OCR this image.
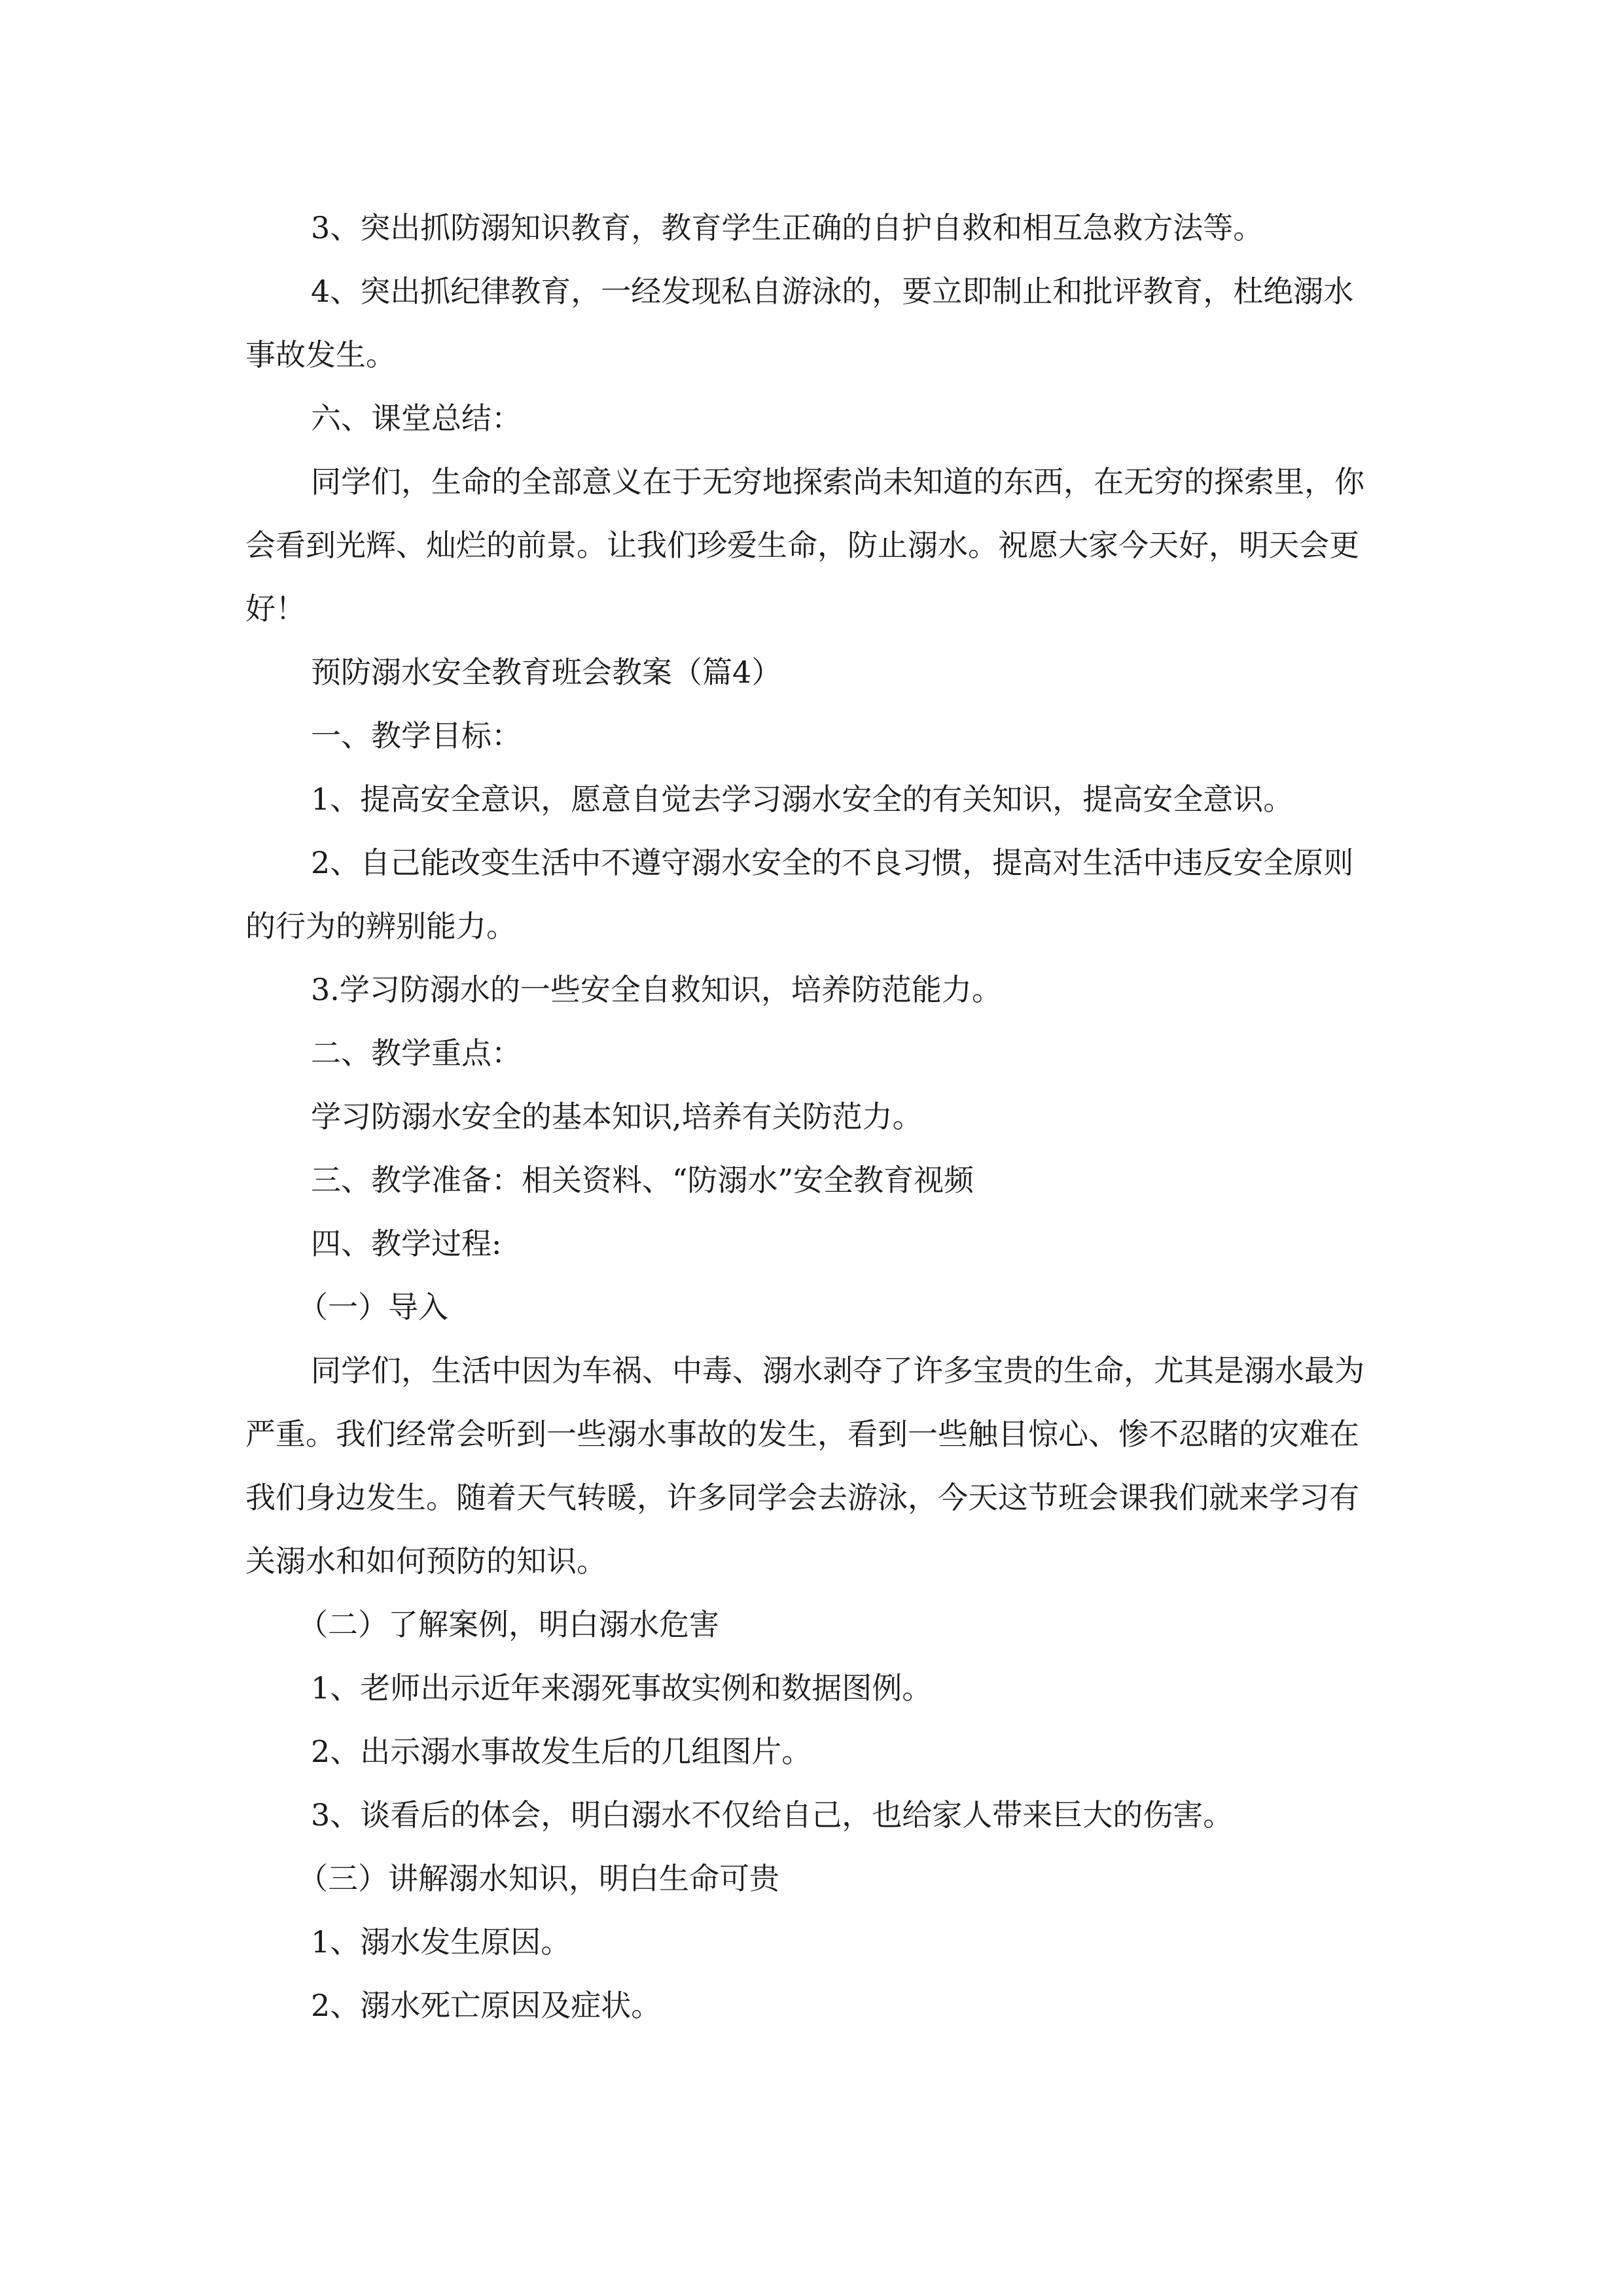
3、突出抓防溺知识教育，教育学生正确的自护自救和相互急救方法等。

4、突出抓纪律教育，一经发现私自游泳的，要立即制止和批评教育，杜绝溺水事故发生。

六、课堂总结：

同学们，生命的全部意义在于无穷地探索尚未知道的东西，在无穷的探索里，你会看到光辉、灿烂的前景。让我们珍爱生命，防止溺水。祝愿大家今天好，明天会更好！

预防溺水安全教育班会教案（篇4）

一、教学目标：

1、提高安全意识，愿意自觉去学习溺水安全的有关知识，提高安全意识。

2、自己能改变生活中不遵守溺水安全的不良习惯，提高对生活中违反安全原则的行为的辨别能力。

3.学习防溺水的一些安全自救知识，培养防范能力。

二、教学重点：

学习防溺水安全的基本知识,培养有关防范力。

三、教学准备：相关资料、“防溺水”安全教育视频

四、教学过程:

（一）导入

同学们，生活中因为车祸、中毒、溺水剥夺了许多宝贵的生命，尤其是溺水最为严重。我们经常会听到一些溺水事故的发生，看到一些触目惊心、惨不忍睹的灾难在我们身边发生。随着天气转暖，许多同学会去游泳，今天这节班会课我们就来学习有关溺水和如何预防的知识。

（二）了解案例，明白溺水危害

1、老师出示近年来溺死事故实例和数据图例。

2、出示溺水事故发生后的几组图片。

3、谈看后的体会，明白溺水不仅给自己，也给家人带来巨大的伤害。

（三）讲解溺水知识，明白生命可贵

1、溺水发生原因。

2、溺水死亡原因及症状。
